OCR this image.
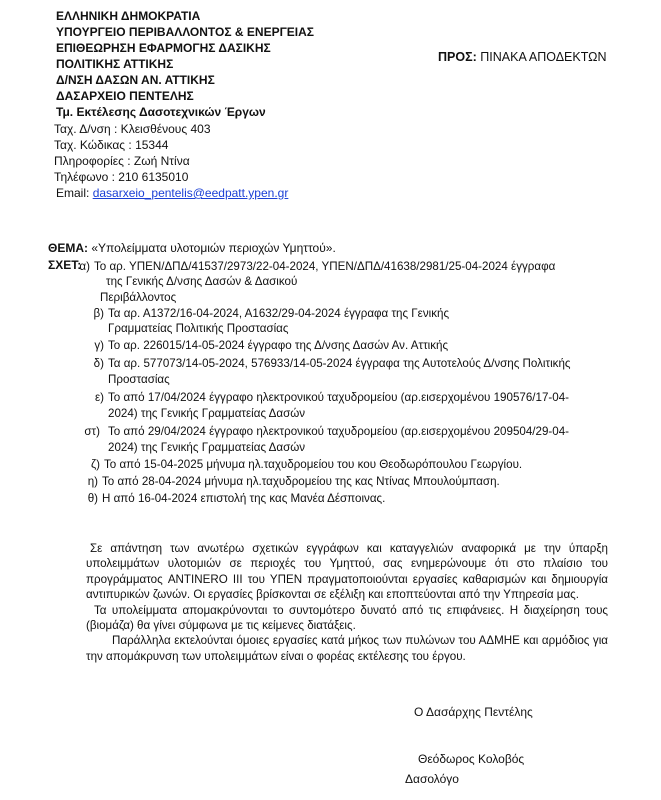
ΕΛΛΗΝΙΚΗ ΔΗΜΟΚΡΑΤΙΑ
ΥΠΟΥΡΓΕΙΟ ΠΕΡΙΒΑΛΛΟΝΤΟΣ & ΕΝΕΡΓΕΙΑΣ
ΕΠΙΘΕΩΡΗΣΗ ΕΦΑΡΜΟΓΗΣ ΔΑΣΙΚΗΣ
ΠΟΛΙΤΙΚΗΣ ΑΤΤΙΚΗΣ
Δ/ΝΣΗ ΔΑΣΩΝ ΑΝ. ΑΤΤΙΚΗΣ
ΔΑΣΑΡΧΕΙΟ ΠΕΝΤΕΛΗΣ
Τμ. Εκτέλεσης Δασοτεχνικών Έργων
Ταχ. Δ/νση : Κλεισθένους 403
Ταχ. Κώδικας : 15344
Πληροφορίες : Ζωή Ντίνα
Τηλέφωνο : 210 6135010
Email: dasarxeio_pentelis@eedpatt.ypen.gr
ΠΡΟΣ: ΠΙΝΑΚΑ ΑΠΟΔΕΚΤΩΝ
ΘΕΜΑ: «Υπολείμματα υλοτομιών περιοχών Υμηττού».
ΣΧΕΤ:
α) Το αρ. ΥΠΕΝ/ΔΠΔ/41537/2973/22-04-2024, ΥΠΕΝ/ΔΠΔ/41638/2981/25-04-2024 έγγραφα
της Γενικής Δ/νσης Δασών & Δασικού
Περιβάλλοντος
β) Τα αρ. Α1372/16-04-2024, Α1632/29-04-2024 έγγραφα της Γενικής
Γραμματείας Πολιτικής Προστασίας
γ) Το αρ. 226015/14-05-2024 έγγραφο της Δ/νσης Δασών Αν. Αττικής
δ) Τα αρ. 577073/14-05-2024, 576933/14-05-2024 έγγραφα της Αυτοτελούς Δ/νσης Πολιτικής
Προστασίας
ε) Το από 17/04/2024 έγγραφο ηλεκτρονικού ταχυδρομείου (αρ.εισερχομένου 190576/17-04-
2024) της Γενικής Γραμματείας Δασών
στ) Το από 29/04/2024 έγγραφο ηλεκτρονικού ταχυδρομείου (αρ.εισερχομένου 209504/29-04-
2024) της Γενικής Γραμματείας Δασών
ζ) Το από 15-04-2025 μήνυμα ηλ.ταχυδρομείου του κου Θεοδωρόπουλου Γεωργίου.
η) Το από 28-04-2024 μήνυμα ηλ.ταχυδρομείου της κας Ντίνας Μπουλούμπαση.
θ) Η από 16-04-2024 επιστολή της κας Μανέα Δέσποινας.

Σε απάντηση των ανωτέρω σχετικών εγγράφων και καταγγελιών αναφορικά με την ύπαρξη υπολειμμάτων υλοτομιών σε περιοχές του Υμηττού, σας ενημερώνουμε ότι στο πλαίσιο του προγράμματος ANTINERO III του ΥΠΕΝ πραγματοποιούνται εργασίες καθαρισμών και δημιουργία αντιπυρικών ζωνών. Οι εργασίες βρίσκονται σε εξέλιξη και εποπτεύονται από την Υπηρεσία μας.

Τα υπολείμματα απομακρύνονται το συντομότερο δυνατό από τις επιφάνειες. Η διαχείρηση τους (βιομάζα) θα γίνει σύμφωνα με τις κείμενες διατάξεις.

Παράλληλα εκτελούνται όμοιες εργασίες κατά μήκος των πυλώνων του ΑΔΜΗΕ και αρμόδιος για την απομάκρυνση των υπολειμμάτων είναι ο φορέας εκτέλεσης του έργου.

Ο Δασάρχης Πεντέλης
Θεόδωρος Κολοβός
Δασολόγο
